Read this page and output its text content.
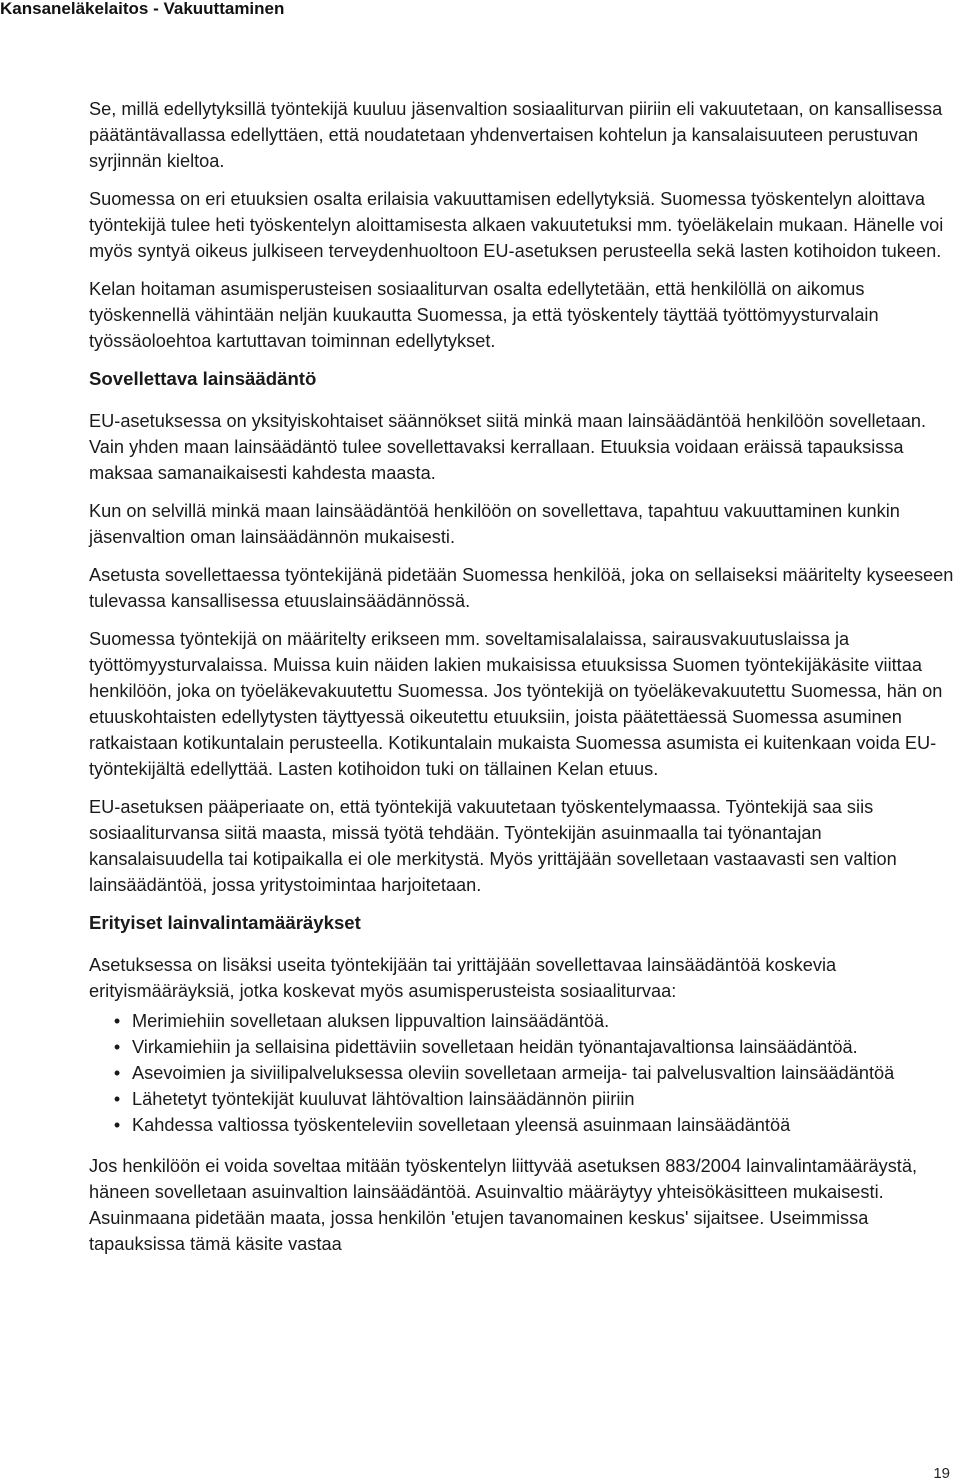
Kansaneläkelaitos - Vakuuttaminen

Se, millä edellytyksillä työntekijä kuuluu jäsenvaltion sosiaaliturvan piiriin eli vakuutetaan, on kansallisessa päätäntävallassa edellyttäen, että noudatetaan yhdenvertaisen kohtelun ja kansalaisuuteen perustuvan syrjinnän kieltoa.

Suomessa on eri etuuksien osalta erilaisia vakuuttamisen edellytyksiä. Suomessa työskentelyn aloittava työntekijä tulee heti työskentelyn aloittamisesta alkaen vakuutetuksi mm. työeläkelain mukaan. Hänelle voi myös syntyä oikeus julkiseen terveydenhuoltoon EU-asetuksen perusteella sekä lasten kotihoidon tukeen.

Kelan hoitaman asumisperusteisen sosiaaliturvan osalta edellytetään, että henkilöllä on aikomus työskennellä vähintään neljän kuukautta Suomessa, ja että työskentely täyttää työttömyysturvalain työssäoloehtoa kartuttavan toiminnan edellytykset.

Sovellettava lainsäädäntö

EU-asetuksessa on yksityiskohtaiset säännökset siitä minkä maan lainsäädäntöä henkilöön sovelletaan. Vain yhden maan lainsäädäntö tulee sovellettavaksi kerrallaan. Etuuksia voidaan eräissä tapauksissa maksaa samanaikaisesti kahdesta maasta.

Kun on selvillä minkä maan lainsäädäntöä henkilöön on sovellettava, tapahtuu vakuuttaminen kunkin jäsenvaltion oman lainsäädännön mukaisesti.

Asetusta sovellettaessa työntekijänä pidetään Suomessa henkilöä, joka on sellaiseksi määritelty kyseeseen tulevassa kansallisessa etuuslainsäädännössä.

Suomessa työntekijä on määritelty erikseen mm. soveltamisalalaissa, sairausvakuutuslaissa ja työttömyysturvalaissa. Muissa kuin näiden lakien mukaisissa etuuksissa Suomen työntekijäkäsite viittaa henkilöön, joka on työeläkevakuutettu Suomessa. Jos työntekijä on työeläkevakuutettu Suomessa, hän on etuuskohtaisten edellytysten täyttyessä oikeutettu etuuksiin, joista päätettäessä Suomessa asuminen ratkaistaan kotikuntalain perusteella. Kotikuntalain mukaista Suomessa asumista ei kuitenkaan voida EU-työntekijältä edellyttää. Lasten kotihoidon tuki on tällainen Kelan etuus.

EU-asetuksen pääperiaate on, että työntekijä vakuutetaan työskentelymaassa. Työntekijä saa siis sosiaaliturvansa siitä maasta, missä työtä tehdään. Työntekijän asuinmaalla tai työnantajan kansalaisuudella tai kotipaikalla ei ole merkitystä. Myös yrittäjään sovelletaan vastaavasti sen valtion lainsäädäntöä, jossa yritystoimintaa harjoitetaan.

Erityiset lainvalintamääräykset

Asetuksessa on lisäksi useita työntekijään tai yrittäjään sovellettavaa lainsäädäntöä koskevia erityismääräyksiä, jotka koskevat myös asumisperusteista sosiaaliturvaa:

• Merimiehiin sovelletaan aluksen lippuvaltion lainsäädäntöä.
• Virkamiehiin ja sellaisina pidettäviin sovelletaan heidän työnantajavaltionsa lainsäädäntöä.
• Asevoimien ja siviilipalveluksessa oleviin sovelletaan armeija- tai palvelusvaltion lainsäädäntöä
• Lähetetyt työntekijät kuuluvat lähtövaltion lainsäädännön piiriin
• Kahdessa valtiossa työskenteleviin sovelletaan yleensä asuinmaan lainsäädäntöä

Jos henkilöön ei voida soveltaa mitään työskentelyn liittyvää asetuksen 883/2004 lainvalintamääräystä, häneen sovelletaan asuinvaltion lainsäädäntöä. Asuinvaltio määräytyy yhteisökäsitteen mukaisesti. Asuinmaana pidetään maata, jossa henkilön 'etujen tavanomainen keskus' sijaitsee. Useimmissa tapauksissa tämä käsite vastaa

19
